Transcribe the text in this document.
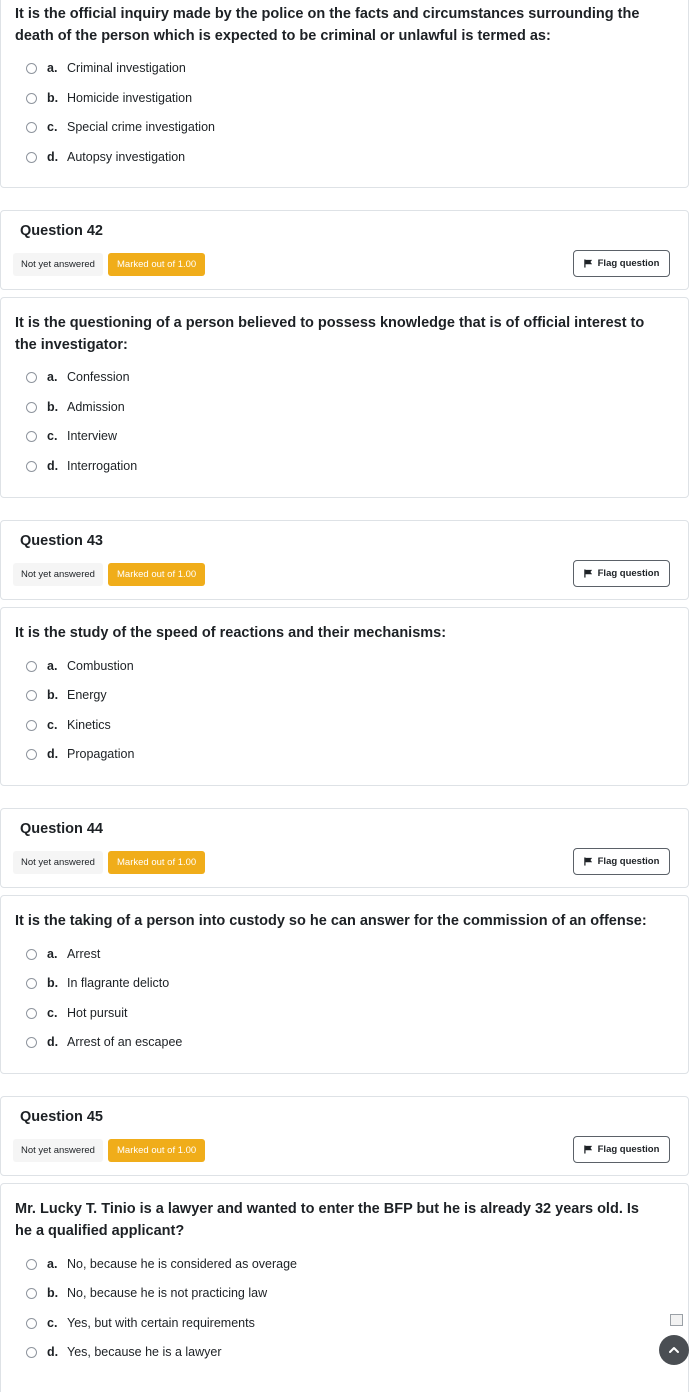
It is the official inquiry made by the police on the facts and circumstances surrounding the death of the person which is expected to be criminal or unlawful is termed as:
a. Criminal investigation
b. Homicide investigation
c. Special crime investigation
d. Autopsy investigation
Question 42
Not yet answered	Marked out of 1.00	Flag question
It is the questioning of a person believed to possess knowledge that is of official interest to the investigator:
a. Confession
b. Admission
c. Interview
d. Interrogation
Question 43
Not yet answered	Marked out of 1.00	Flag question
It is the study of the speed of reactions and their mechanisms:
a. Combustion
b. Energy
c. Kinetics
d. Propagation
Question 44
Not yet answered	Marked out of 1.00	Flag question
It is the taking of a person into custody so he can answer for the commission of an offense:
a. Arrest
b. In flagrante delicto
c. Hot pursuit
d. Arrest of an escapee
Question 45
Not yet answered	Marked out of 1.00	Flag question
Mr. Lucky T. Tinio is a lawyer and wanted to enter the BFP but he is already 32 years old. Is he a qualified applicant?
a. No, because he is considered as overage
b. No, because he is not practicing law
c. Yes, but with certain requirements
d. Yes, because he is a lawyer
